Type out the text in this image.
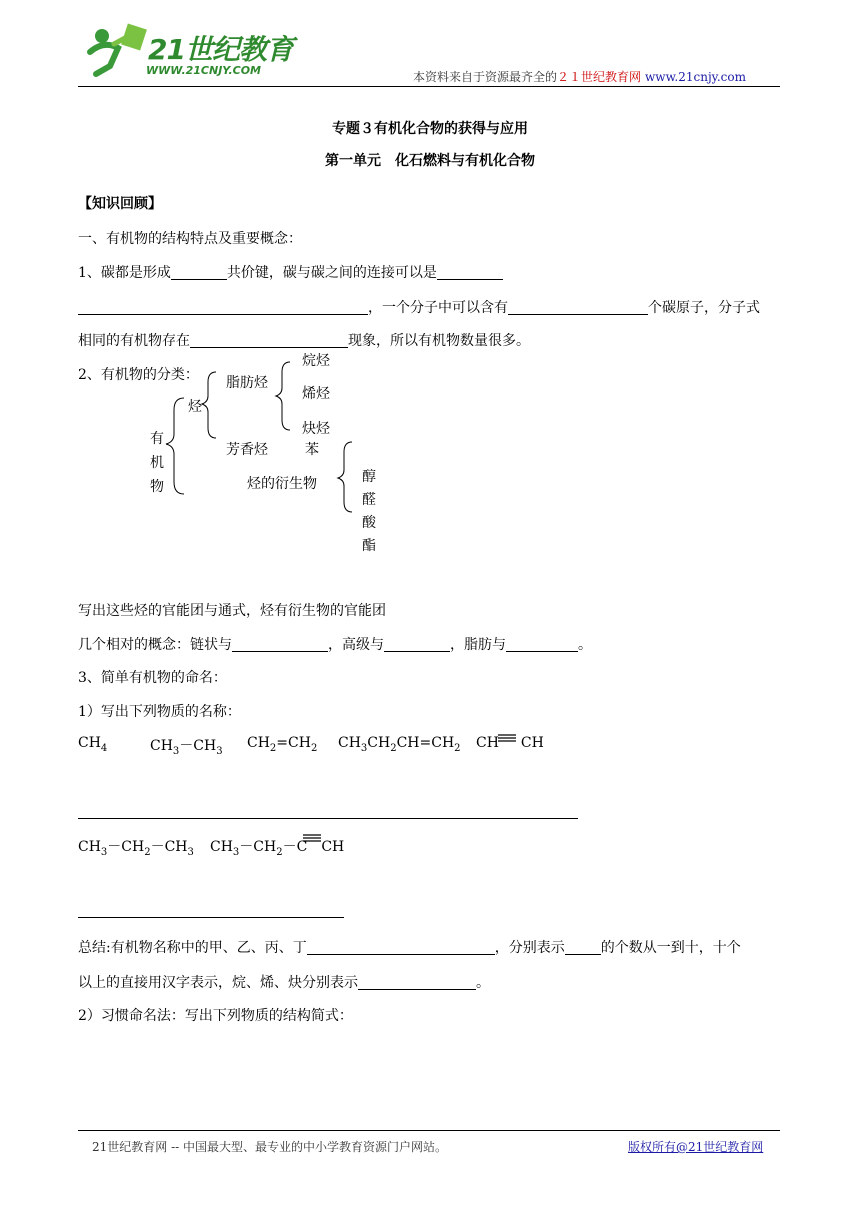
21世纪教育
WWW.21CNJY.COM	本资料来自于资源最齐全的２１世纪教育网 www.21cnjy.com
专题３有机化合物的获得与应用
第一单元　化石燃料与有机化合物
【知识回顾】
一、有机物的结构特点及重要概念：
1、碳都是形成	共价键，碳与碳之间的连接可以是
，一个分子中可以含有	个碳原子，分子式
相同的有机物存在	现象，所以有机物数量很多。
2、有机物的分类：
有
机
物
烃
脂肪烃
芳香烃
烷烃
烯烃
炔烃
苯
烃的衍生物	醇
醛
酸
酯
写出这些烃的官能团与通式，烃有衍生物的官能团
几个相对的概念：链状与	，高级与	，脂肪与	。
3、简单有机物的命名：
1）写出下列物质的名称：
$CH_4$	$CH_3-CH_3$
$CH_2=CH_2$ $CH_3CH_2CH=CH_2$ CH CH
$CH_3-CH_2-CH_3$ $CH_3-CH_2-C$ CH
总结:有机物名称中的甲、乙、丙、丁	，分别表示	的个数从一到十，十个
以上的直接用汉字表示，烷、烯、炔分别表示	。
2）习惯命名法：写出下列物质的结构简式：
21世纪教育网 -- 中国最大型、最专业的中小学教育资源门户网站。	版权所有@21世纪教育网
